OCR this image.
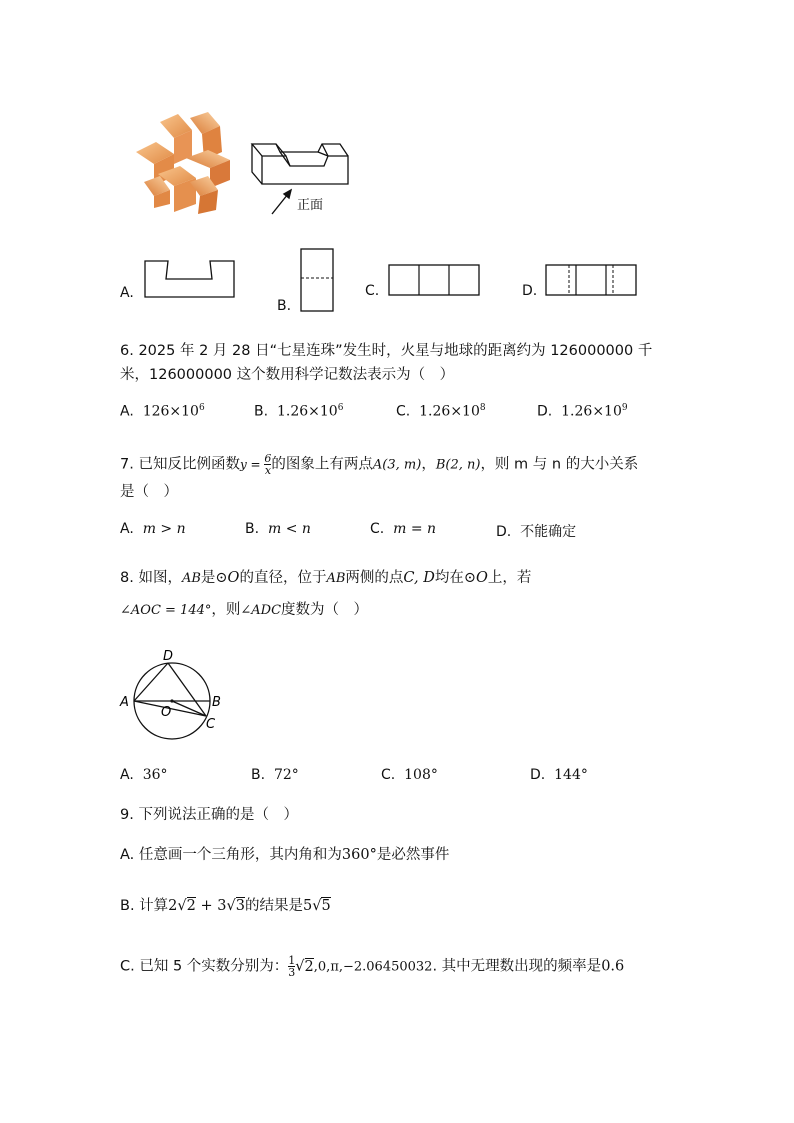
正面
A.
B.
C.	D.
6. 2025 年 2 月 28 日“七星连珠”发生时，火星与地球的距离约为 126000000 千
米，126000000 这个数用科学记数法表示为（　）
A. $126\times 10^6$	B. $1.26\times 10^6$	C. $1.26\times 10^8$	D. $1.26\times 10^9$
7. 已知反比例函数$y = \frac{6}{x}$ 的图象上有两点A(3, m)，B(2, n)，则 m 与 n 的大小关系
是（　）
A. m > n	B. m < n	C. m = n	D. 不能确定
8. 如图，AB是⊙O的直径，位于AB两侧的点C, D均在⊙O上，若
∠AOC = 144°，则∠ADC度数为（　）
D
A	B
O
C
A. 36°	B. 72°	C. 108°	D. 144°
9. 下列说法正确的是（　）
A. 任意画一个三角形，其内角和为360°是必然事件
B. 计算2√2 + 3√3的结果是5√5
C. 已知 5 个实数分别为： $\frac{1}{3} √2,0,\pi,-2.06450032$. 其中无理数出现的频率是0.6
